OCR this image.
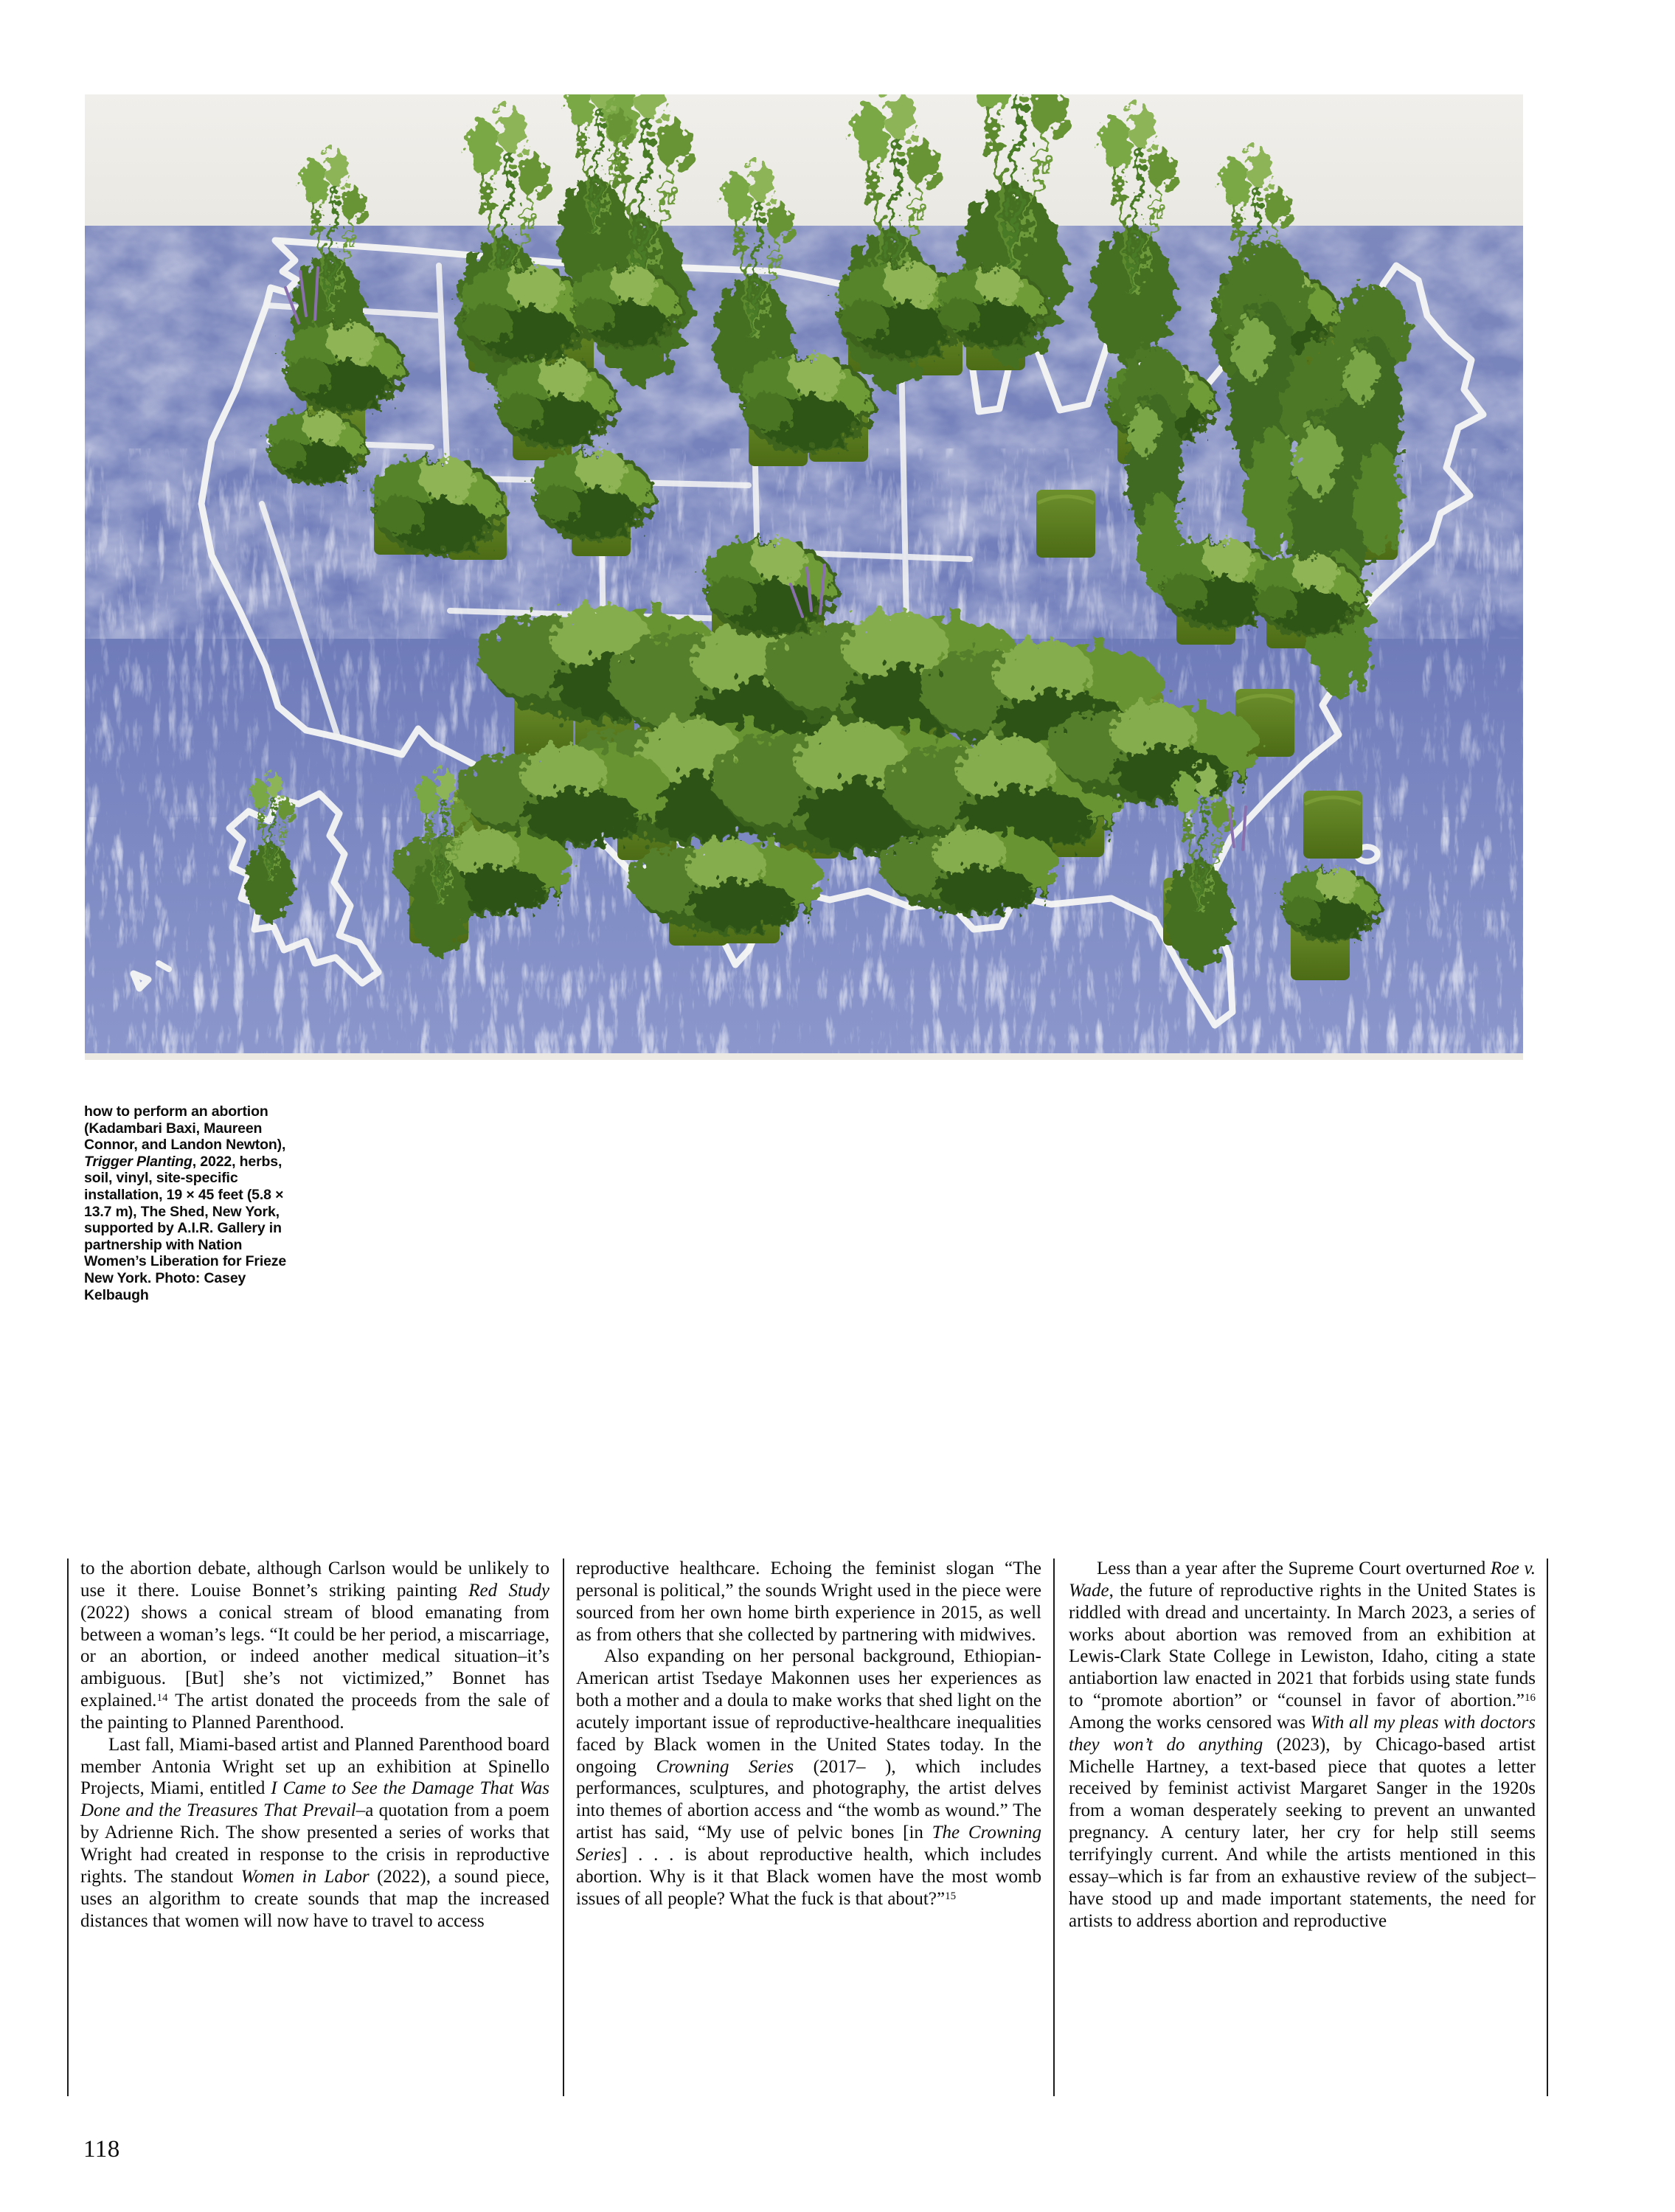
how to perform an abortion (Kadambari Baxi, Maureen Connor, and Landon Newton), Trigger Planting, 2022, herbs, soil, vinyl, site-specific installation, 19 × 45 feet (5.8 × 13.7 m), The Shed, New York, supported by A.I.R. Gallery in partnership with Nation Women’s Liberation for Frieze New York. Photo: Casey Kelbaugh

to the abortion debate, although Carlson would be unlikely to use it there. Louise Bonnet’s striking painting Red Study (2022) shows a conical stream of blood emanating from between a woman’s legs. “It could be her period, a miscarriage, or an abortion, or indeed another medical situation–it’s ambiguous. [But] she’s not victimized,” Bonnet has explained.$^{14}$ The artist donated the proceeds from the sale of the painting to Planned Parenthood.

Last fall, Miami-based artist and Planned Parenthood board member Antonia Wright set up an exhibition at Spinello Projects, Miami, entitled I Came to See the Damage That Was Done and the Treasures That Prevail–a quotation from a poem by Adrienne Rich. The show presented a series of works that Wright had created in response to the crisis in reproductive rights. The standout Women in Labor (2022), a sound piece, uses an algorithm to create sounds that map the increased distances that women will now have to travel to access

reproductive healthcare. Echoing the feminist slogan “The personal is political,” the sounds Wright used in the piece were sourced from her own home birth experience in 2015, as well as from others that she collected by partnering with midwives.

Also expanding on her personal background, Ethiopian-American artist Tsedaye Makonnen uses her experiences as both a mother and a doula to make works that shed light on the acutely important issue of reproductive-healthcare inequalities faced by Black women in the United States today. In the ongoing Crowning Series (2017– ), which includes performances, sculptures, and photography, the artist delves into themes of abortion access and “the womb as wound.” The artist has said, “My use of pelvic bones [in The Crowning Series] . . . is about reproductive health, which includes abortion. Why is it that Black women have the most womb issues of all people? What the fuck is that about?”$^{15}$

Less than a year after the Supreme Court overturned Roe v. Wade, the future of reproductive rights in the United States is riddled with dread and uncertainty. In March 2023, a series of works about abortion was removed from an exhibition at Lewis-Clark State College in Lewiston, Idaho, citing a state antiabortion law enacted in 2021 that forbids using state funds to “promote abortion” or “counsel in favor of abortion.”$^{16}$ Among the works censored was With all my pleas with doctors they won’t do anything (2023), by Chicago-based artist Michelle Hartney, a text-based piece that quotes a letter received by feminist activist Margaret Sanger in the 1920s from a woman desperately seeking to prevent an unwanted pregnancy. A century later, her cry for help still seems terrifyingly current. And while the artists mentioned in this essay–which is far from an exhaustive review of the subject–have stood up and made important statements, the need for artists to address abortion and reproductive

118
